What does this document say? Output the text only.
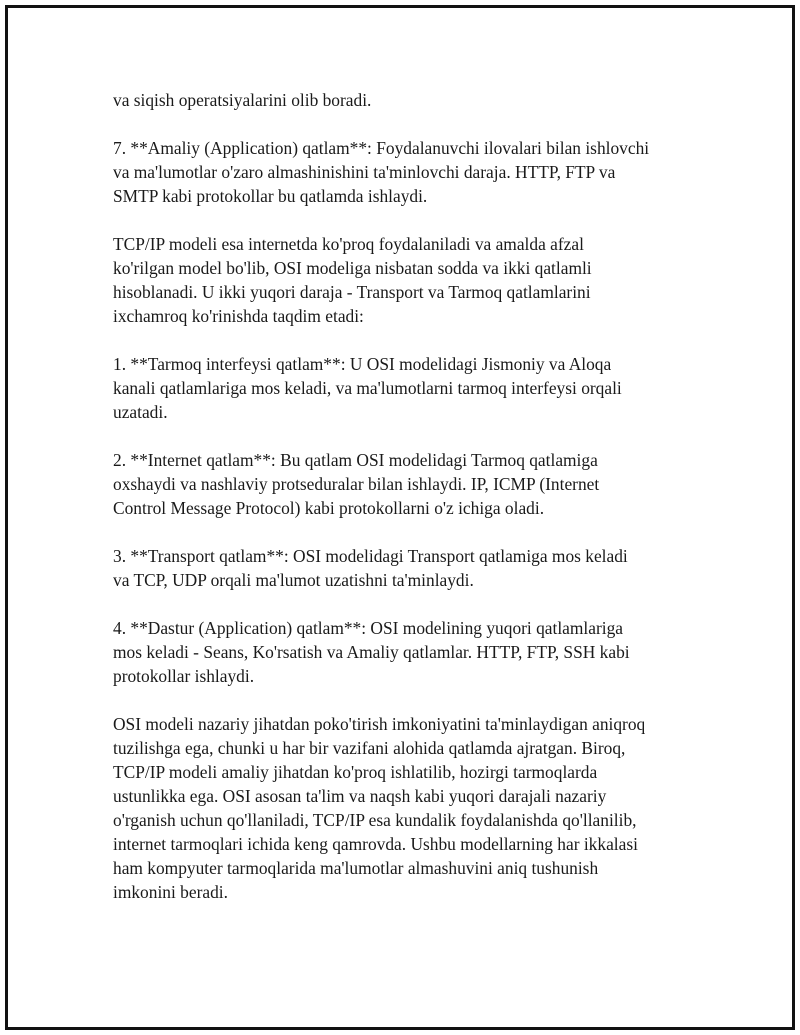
va siqish operatsiyalarini olib boradi.
7. **Amaliy (Application) qatlam**: Foydalanuvchi ilovalari bilan ishlovchi
va ma'lumotlar o'zaro almashinishini ta'minlovchi daraja. HTTP, FTP va
SMTP kabi protokollar bu qatlamda ishlaydi.
TCP/IP modeli esa internetda ko'proq foydalaniladi va amalda afzal
ko'rilgan model bo'lib, OSI modeliga nisbatan sodda va ikki qatlamli
hisoblanadi. U ikki yuqori daraja - Transport va Tarmoq qatlamlarini
ixchamroq ko'rinishda taqdim etadi:
1. **Tarmoq interfeysi qatlam**: U OSI modelidagi Jismoniy va Aloqa
kanali qatlamlariga mos keladi, va ma'lumotlarni tarmoq interfeysi orqali
uzatadi.
2. **Internet qatlam**: Bu qatlam OSI modelidagi Tarmoq qatlamiga
oxshaydi va nashlaviy protseduralar bilan ishlaydi. IP, ICMP (Internet
Control Message Protocol) kabi protokollarni o'z ichiga oladi.
3. **Transport qatlam**: OSI modelidagi Transport qatlamiga mos keladi
va TCP, UDP orqali ma'lumot uzatishni ta'minlaydi.
4. **Dastur (Application) qatlam**: OSI modelining yuqori qatlamlariga
mos keladi - Seans, Ko'rsatish va Amaliy qatlamlar. HTTP, FTP, SSH kabi
protokollar ishlaydi.
OSI modeli nazariy jihatdan poko'tirish imkoniyatini ta'minlaydigan aniqroq
tuzilishga ega, chunki u har bir vazifani alohida qatlamda ajratgan. Biroq,
TCP/IP modeli amaliy jihatdan ko'proq ishlatilib, hozirgi tarmoqlarda
ustunlikka ega. OSI asosan ta'lim va naqsh kabi yuqori darajali nazariy
o'rganish uchun qo'llaniladi, TCP/IP esa kundalik foydalanishda qo'llanilib,
internet tarmoqlari ichida keng qamrovda. Ushbu modellarning har ikkalasi
ham kompyuter tarmoqlarida ma'lumotlar almashuvini aniq tushunish
imkonini beradi.
